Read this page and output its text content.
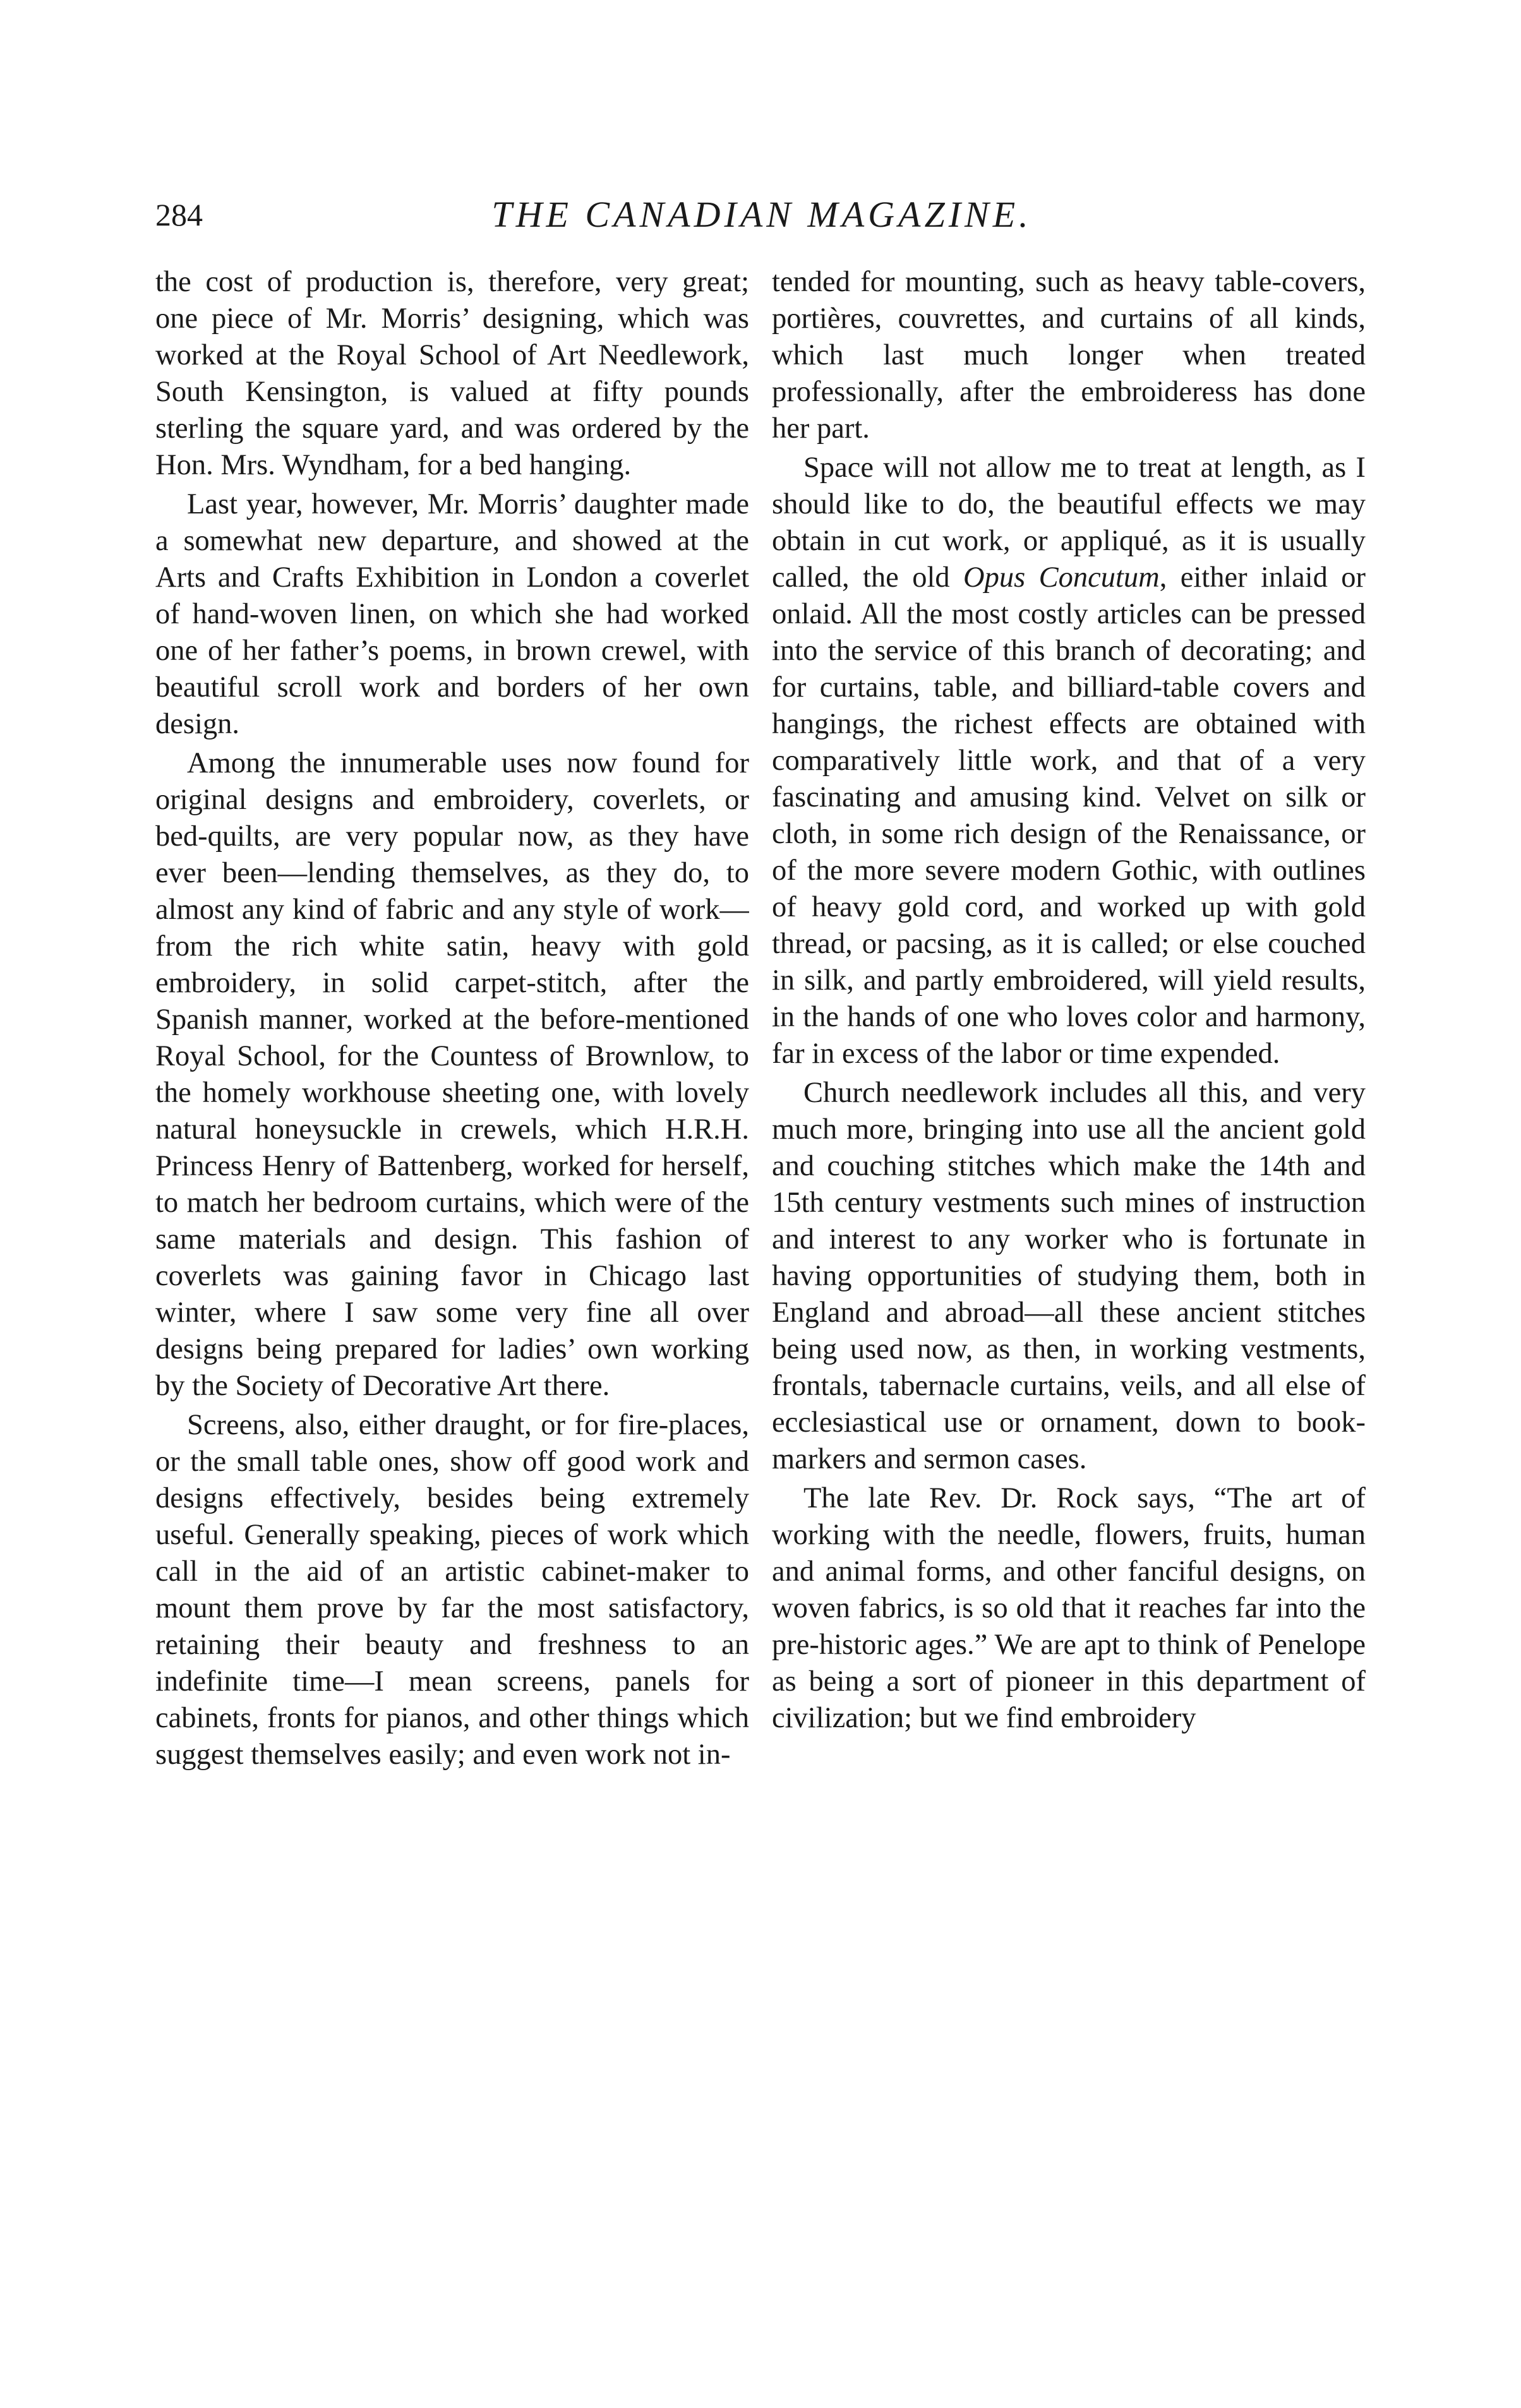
284	THE CANADIAN MAGAZINE.

the cost of production is, therefore, very great; one piece of Mr. Morris’ designing, which was worked at the Royal School of Art Needlework, South Kensington, is valued at fifty pounds sterling the square yard, and was ordered by the Hon. Mrs. Wyndham, for a bed hanging.

Last year, however, Mr. Morris’ daughter made a somewhat new departure, and showed at the Arts and Crafts Exhibition in London a coverlet of hand-woven linen, on which she had worked one of her father’s poems, in brown crewel, with beautiful scroll work and borders of her own design.

Among the innumerable uses now found for original designs and embroidery, coverlets, or bed-quilts, are very popular now, as they have ever been—lending themselves, as they do, to almost any kind of fabric and any style of work—from the rich white satin, heavy with gold embroidery, in solid carpet-stitch, after the Spanish manner, worked at the before-mentioned Royal School, for the Countess of Brownlow, to the homely workhouse sheeting one, with lovely natural honeysuckle in crewels, which H.R.H. Princess Henry of Battenberg, worked for herself, to match her bedroom curtains, which were of the same materials and design. This fashion of coverlets was gaining favor in Chicago last winter, where I saw some very fine all over designs being prepared for ladies’ own working by the Society of Decorative Art there.

Screens, also, either draught, or for fire-places, or the small table ones, show off good work and designs effectively, besides being extremely useful. Generally speaking, pieces of work which call in the aid of an artistic cabinet-maker to mount them prove by far the most satisfactory, retaining their beauty and freshness to an indefinite time—I mean screens, panels for cabinets, fronts for pianos, and other things which suggest themselves easily; and even work not in-

tended for mounting, such as heavy table-covers, portières, couvrettes, and curtains of all kinds, which last much longer when treated professionally, after the embroideress has done her part.

Space will not allow me to treat at length, as I should like to do, the beautiful effects we may obtain in cut work, or appliqué, as it is usually called, the old Opus Concutum, either inlaid or onlaid. All the most costly articles can be pressed into the service of this branch of decorating; and for curtains, table, and billiard-table covers and hangings, the richest effects are obtained with comparatively little work, and that of a very fascinating and amusing kind. Velvet on silk or cloth, in some rich design of the Renaissance, or of the more severe modern Gothic, with outlines of heavy gold cord, and worked up with gold thread, or pacsing, as it is called; or else couched in silk, and partly embroidered, will yield results, in the hands of one who loves color and harmony, far in excess of the labor or time expended.

Church needlework includes all this, and very much more, bringing into use all the ancient gold and couching stitches which make the 14th and 15th century vestments such mines of instruction and interest to any worker who is fortunate in having opportunities of studying them, both in England and abroad—all these ancient stitches being used now, as then, in working vestments, frontals, tabernacle curtains, veils, and all else of ecclesiastical use or ornament, down to book-markers and sermon cases.

The late Rev. Dr. Rock says, “The art of working with the needle, flowers, fruits, human and animal forms, and other fanciful designs, on woven fabrics, is so old that it reaches far into the pre-historic ages.” We are apt to think of Penelope as being a sort of pioneer in this department of civilization; but we find embroidery
